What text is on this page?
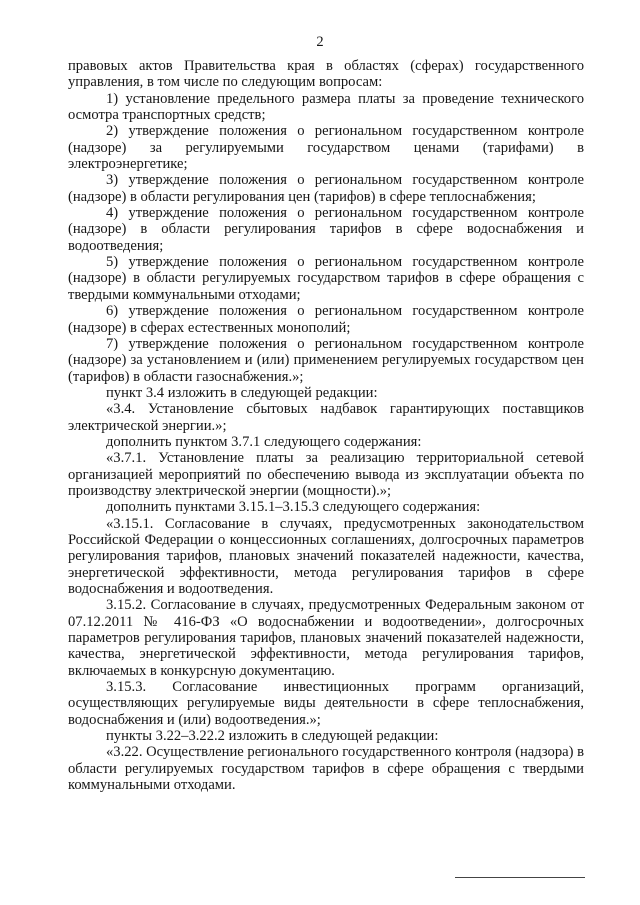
2

правовых актов Правительства края в областях (сферах) государственного управления, в том числе по следующим вопросам:

1) установление предельного размера платы за проведение технического осмотра транспортных средств;

2) утверждение положения о региональном государственном контроле (надзоре) за регулируемыми государством ценами (тарифами) в электроэнергетике;

3) утверждение положения о региональном государственном контроле (надзоре) в области регулирования цен (тарифов) в сфере теплоснабжения;

4) утверждение положения о региональном государственном контроле (надзоре) в области регулирования тарифов в сфере водоснабжения и водоотведения;

5) утверждение положения о региональном государственном контроле (надзоре) в области регулируемых государством тарифов в сфере обращения с твердыми коммунальными отходами;

6) утверждение положения о региональном государственном контроле (надзоре) в сферах естественных монополий;

7) утверждение положения о региональном государственном контроле (надзоре) за установлением и (или) применением регулируемых государством цен (тарифов) в области газоснабжения.»;

пункт 3.4 изложить в следующей редакции:

«3.4. Установление сбытовых надбавок гарантирующих поставщиков электрической энергии.»;

дополнить пунктом 3.7.1 следующего содержания:

«3.7.1. Установление платы за реализацию территориальной сетевой организацией мероприятий по обеспечению вывода из эксплуатации объекта по производству электрической энергии (мощности).»;

дополнить пунктами 3.15.1–3.15.3 следующего содержания:

«3.15.1. Согласование в случаях, предусмотренных законодательством Российской Федерации о концессионных соглашениях, долгосрочных параметров регулирования тарифов, плановых значений показателей надежности, качества, энергетической эффективности, метода регулирования тарифов в сфере водоснабжения и водоотведения.

3.15.2. Согласование в случаях, предусмотренных Федеральным законом от 07.12.2011 № 416-ФЗ «О водоснабжении и водоотведении», долгосрочных параметров регулирования тарифов, плановых значений показателей надежности, качества, энергетической эффективности, метода регулирования тарифов, включаемых в конкурсную документацию.

3.15.3. Согласование инвестиционных программ организаций, осуществляющих регулируемые виды деятельности в сфере теплоснабжения, водоснабжения и (или) водоотведения.»;

пункты 3.22–3.22.2 изложить в следующей редакции:

«3.22. Осуществление регионального государственного контроля (надзора) в области регулируемых государством тарифов в сфере обращения с твердыми коммунальными отходами.
